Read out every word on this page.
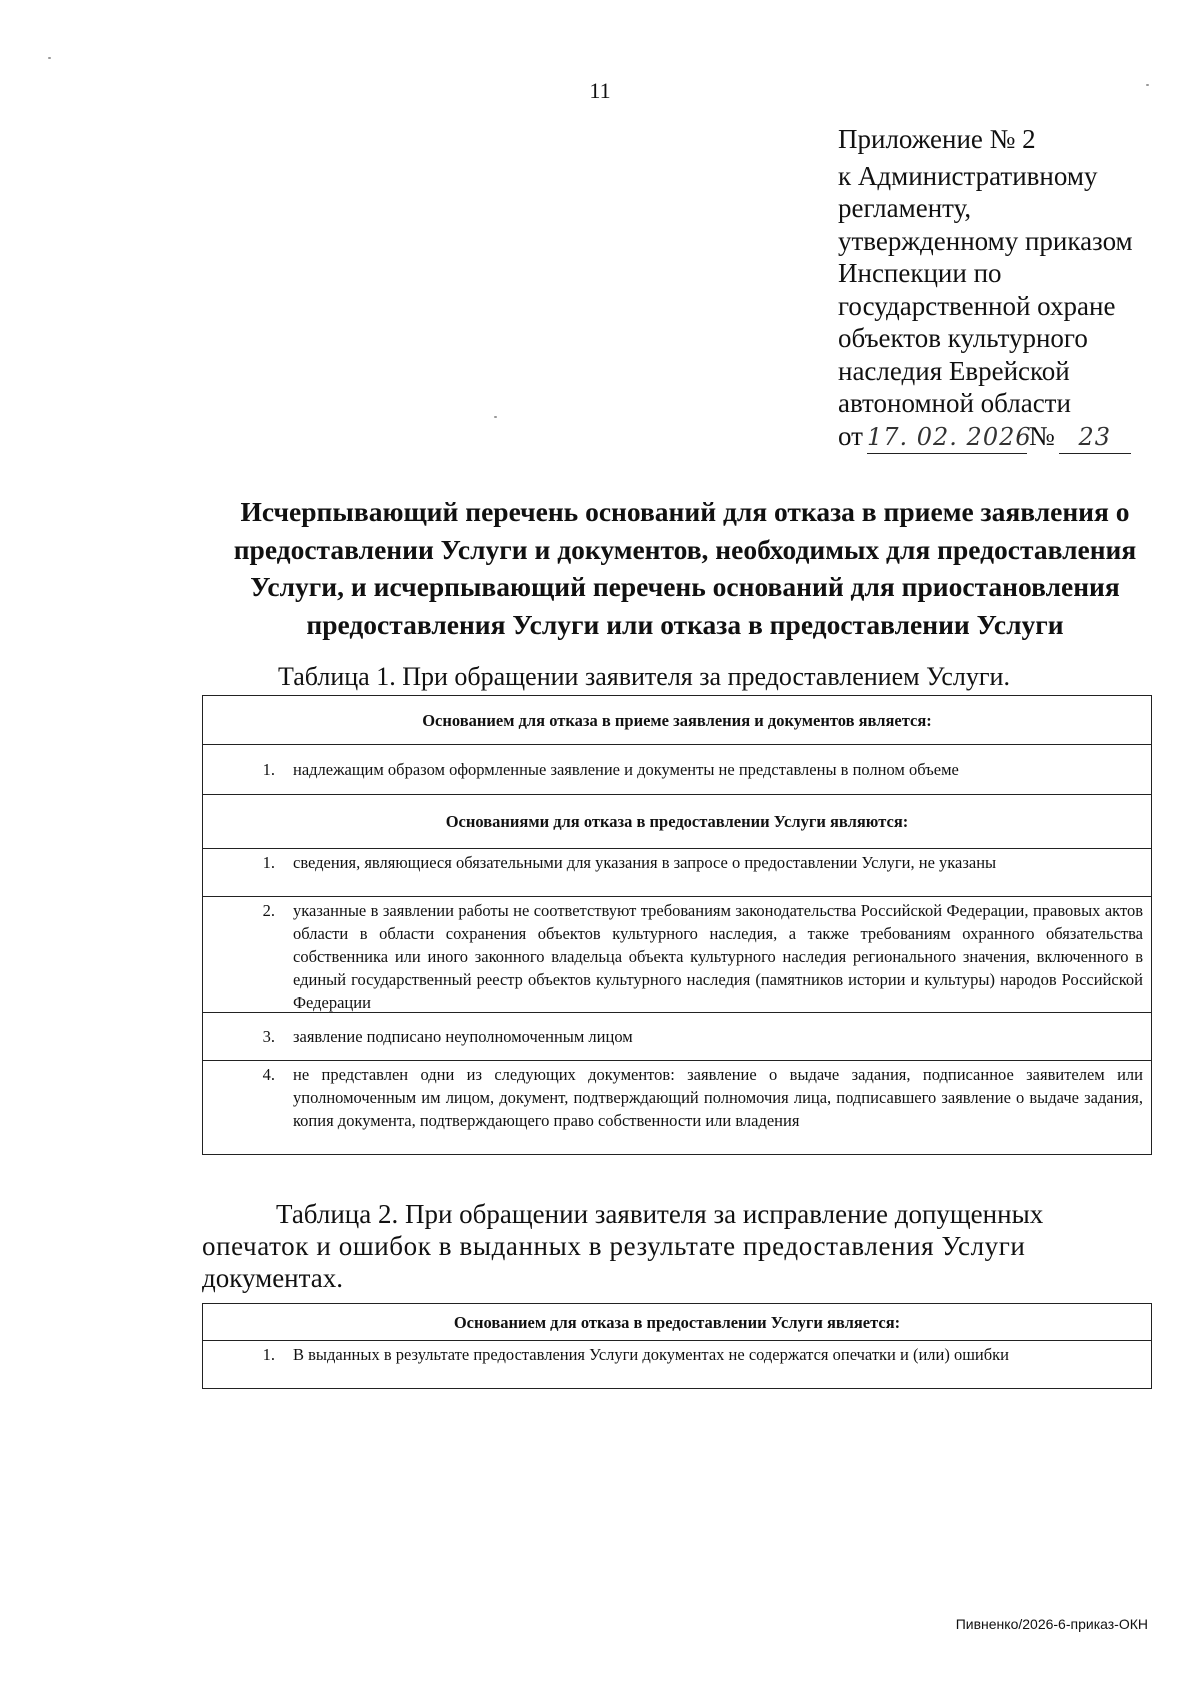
11
Приложение № 2
к Административному
регламенту,
утвержденному приказом
Инспекции по
государственной охране
объектов культурного
наследия Еврейской
автономной области
от 17. 02. 2026
№ 23
Исчерпывающий перечень оснований для отказа в приеме заявления о
предоставлении Услуги и документов, необходимых для предоставления
Услуги, и исчерпывающий перечень оснований для приостановления
предоставления Услуги или отказа в предоставлении Услуги
Таблица 1. При обращении заявителя за предоставлением Услуги.
Основанием для отказа в приеме заявления и документов является:
1.	надлежащим образом оформленные заявление и документы не представлены в полном объеме
Основаниями для отказа в предоставлении Услуги являются:
1.	сведения, являющиеся обязательными для указания в запросе о предоставлении Услуги, не указаны
2.	указанные в заявлении работы не соответствуют требованиям законодательства Российской Федерации, правовых актов области в области сохранения объектов культурного наследия, а также требованиям охранного обязательства собственника или иного законного владельца объекта культурного наследия регионального значения, включенного в единый государственный реестр объектов культурного наследия (памятников истории и культуры) народов Российской Федерации
3.	заявление подписано неуполномоченным лицом
4.	не представлен одни из следующих документов: заявление о выдаче задания, подписанное заявителем или уполномоченным им лицом, документ, подтверждающий полномочия лица, подписавшего заявление о выдаче задания, копия документа, подтверждающего право собственности или владения
Таблица 2. При обращении заявителя за исправление допущенных
опечаток и ошибок в выданных в результате предоставления Услуги
документах.
Основанием для отказа в предоставлении Услуги является:
1.	В выданных в результате предоставления Услуги документах не содержатся опечатки и (или) ошибки
Пивненко/2026-6-приказ-ОКН
